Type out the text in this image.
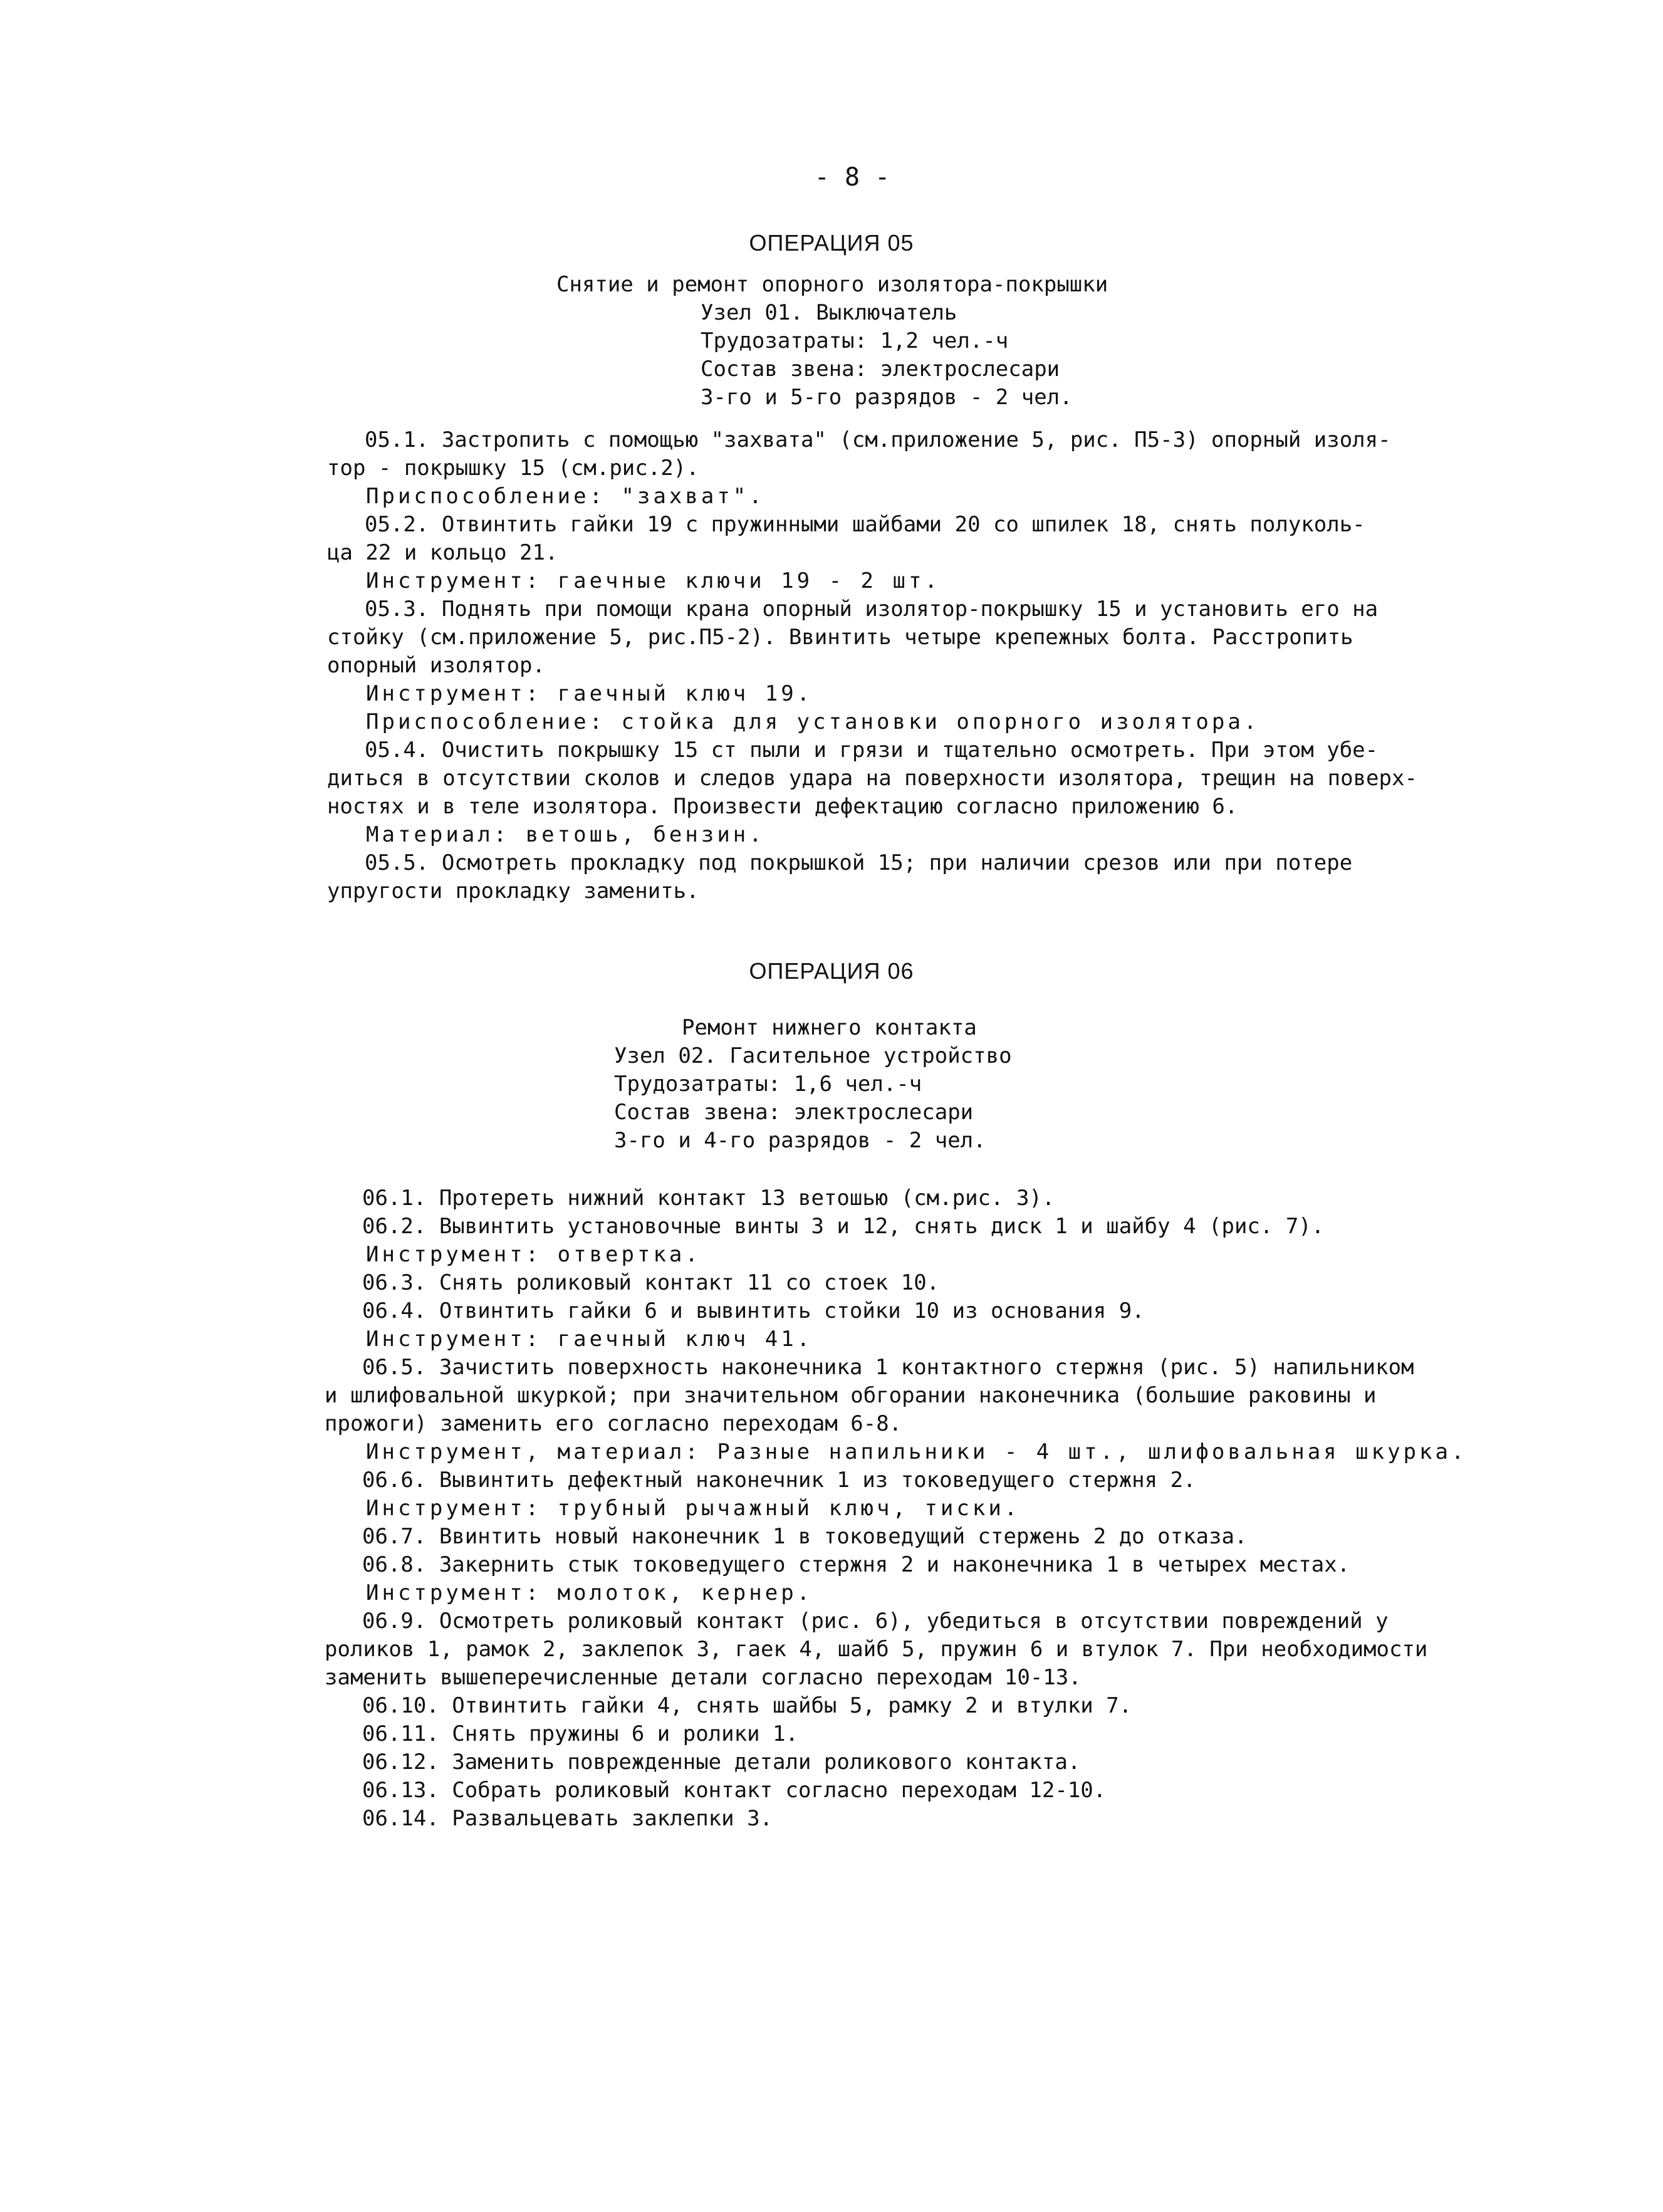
- 8 -
ОПЕРАЦИЯ 05
Снятие и ремонт опорного изолятора-покрышки
Узел 01. Выключатель
Трудозатраты: 1,2 чел.-ч
Состав звена: электрослесари
3-го и 5-го разрядов - 2 чел.
05.1. Застропить с помощью "захвата" (см.приложение 5, рис. П5-3) опорный изоля-
тор - покрышку 15 (см.рис.2).
Приспособление: "захват".
05.2. Отвинтить гайки 19 с пружинными шайбами 20 со шпилек 18, снять полуколь-
ца 22 и кольцо 21.
Инструмент: гаечные ключи 19 - 2 шт.
05.3. Поднять при помощи крана опорный изолятор-покрышку 15 и установить его на
стойку (см.приложение 5, рис.П5-2). Ввинтить четыре крепежных болта. Расстропить
опорный изолятор.
Инструмент: гаечный ключ 19.
Приспособление: стойка для установки опорного изолятора.
05.4. Очистить покрышку 15 ст пыли и грязи и тщательно осмотреть. При этом убе-
диться в отсутствии сколов и следов удара на поверхности изолятора, трещин на поверх-
ностях и в теле изолятора. Произвести дефектацию согласно приложению 6.
Материал: ветошь, бензин.
05.5. Осмотреть прокладку под покрышкой 15; при наличии срезов или при потере
упругости прокладку заменить.
ОПЕРАЦИЯ 06
Ремонт нижнего контакта
Узел 02. Гасительное устройство
Трудозатраты: 1,6 чел.-ч
Состав звена: электрослесари
3-го и 4-го разрядов - 2 чел.
06.1. Протереть нижний контакт 13 ветошью (см.рис. 3).
06.2. Вывинтить установочные винты 3 и 12, снять диск 1 и шайбу 4 (рис. 7).
Инструмент: отвертка.
06.3. Снять роликовый контакт 11 со стоек 10.
06.4. Отвинтить гайки 6 и вывинтить стойки 10 из основания 9.
Инструмент: гаечный ключ 41.
06.5. Зачистить поверхность наконечника 1 контактного стержня (рис. 5) напильником
и шлифовальной шкуркой; при значительном обгорании наконечника (большие раковины и
прожоги) заменить его согласно переходам 6-8.
Инструмент, материал: Разные напильники - 4 шт., шлифовальная шкурка.
06.6. Вывинтить дефектный наконечник 1 из токоведущего стержня 2.
Инструмент: трубный рычажный ключ, тиски.
06.7. Ввинтить новый наконечник 1 в токоведущий стержень 2 до отказа.
06.8. Закернить стык токоведущего стержня 2 и наконечника 1 в четырех местах.
Инструмент: молоток, кернер.
06.9. Осмотреть роликовый контакт (рис. 6), убедиться в отсутствии повреждений у
роликов 1, рамок 2, заклепок 3, гаек 4, шайб 5, пружин 6 и втулок 7. При необходимости
заменить вышеперечисленные детали согласно переходам 10-13.
06.10. Отвинтить гайки 4, снять шайбы 5, рамку 2 и втулки 7.
06.11. Снять пружины 6 и ролики 1.
06.12. Заменить поврежденные детали роликового контакта.
06.13. Собрать роликовый контакт согласно переходам 12-10.
06.14. Развальцевать заклепки 3.
